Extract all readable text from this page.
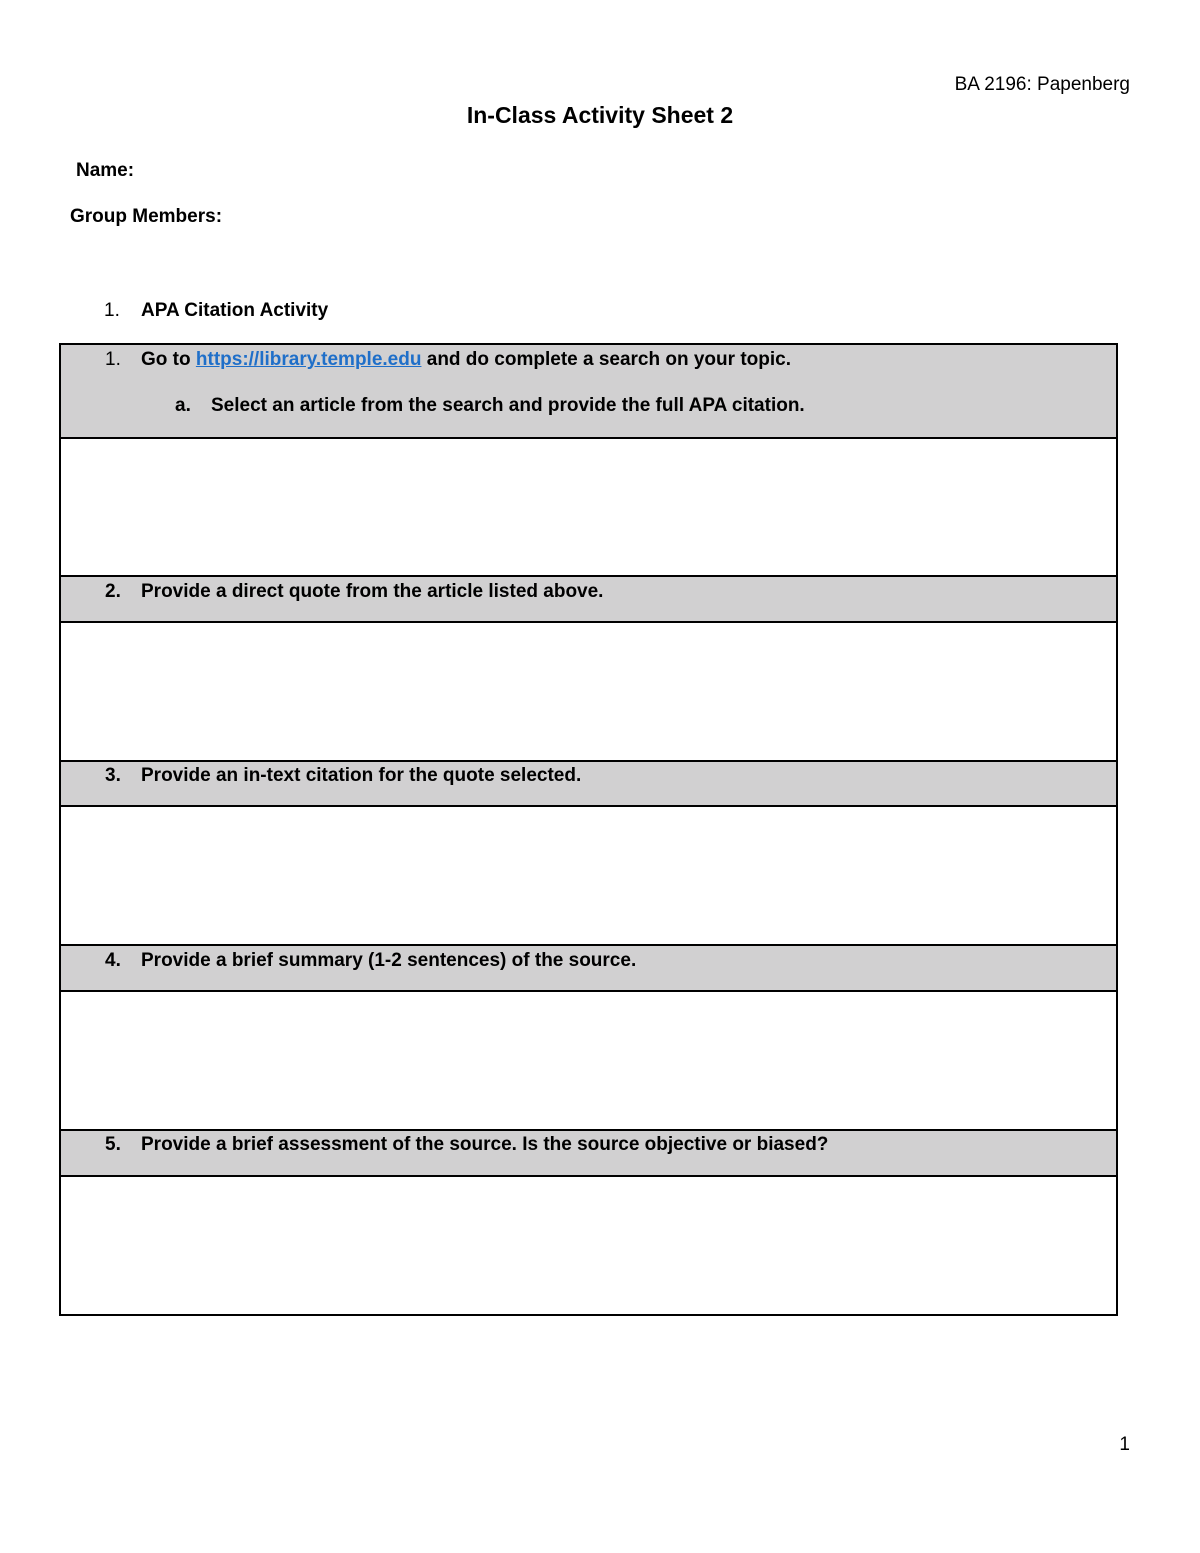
BA 2196: Papenberg
In-Class Activity Sheet 2
Name:
Group Members:
1. APA Citation Activity
1. Go to https://library.temple.edu and do complete a search on your topic.
a. Select an article from the search and provide the full APA citation.
2. Provide a direct quote from the article listed above.
3. Provide an in-text citation for the quote selected.
4. Provide a brief summary (1-2 sentences) of the source.
5. Provide a brief assessment of the source. Is the source objective or biased?
1
